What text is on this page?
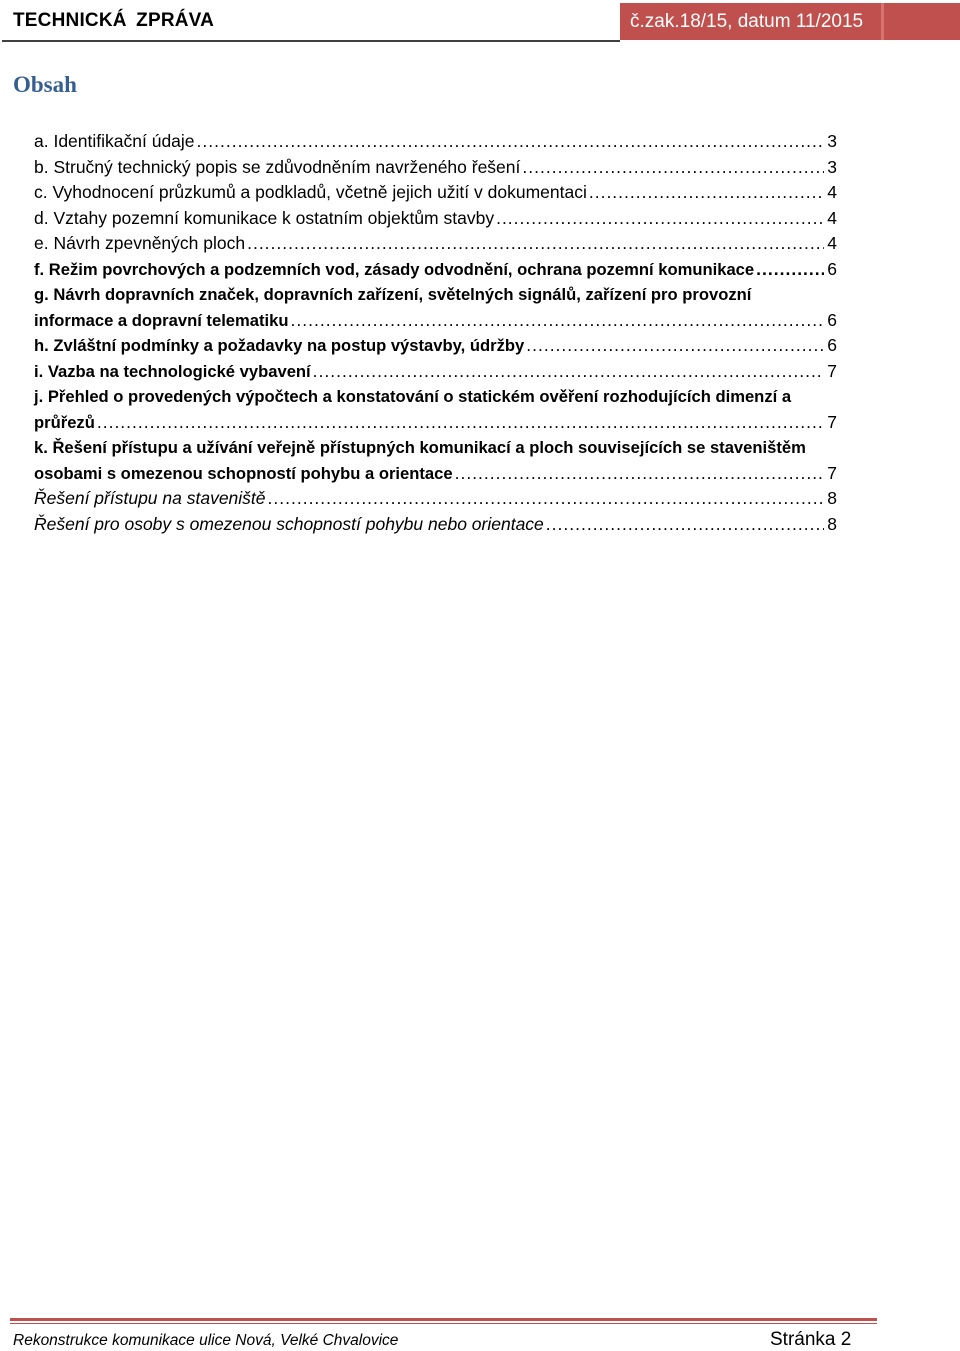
TECHNICKÁ ZPRÁVA	č.zak.18/15, datum 11/2015
Obsah
a. Identifikační údaje .....	3
b. Stručný technický popis se zdůvodněním navrženého řešení .....	3
c. Vyhodnocení průzkumů a podkladů, včetně jejich užití v dokumentaci .....	4
d. Vztahy pozemní komunikace k ostatním objektům stavby .....	4
e. Návrh zpevněných ploch .....	4
f. Režim povrchových a podzemních vod, zásady odvodnění, ochrana pozemní komunikace .....	6
g. Návrh dopravních značek, dopravních zařízení, světelných signálů, zařízení pro provozní
informace a dopravní telematiku .....	6
h. Zvláštní podmínky a požadavky na postup výstavby, údržby .....	6
i. Vazba na technologické vybavení .....	7
j. Přehled o provedených výpočtech a konstatování o statickém ověření rozhodujících dimenzí a
průřezů .....	7
k. Řešení přístupu a užívání veřejně přístupných komunikací a ploch souvisejících se staveništěm
osobami s omezenou schopností pohybu a orientace .....	7
Řešení přístupu na staveniště .....	8
Řešení pro osoby s omezenou schopností pohybu nebo orientace .....	8
Rekonstrukce komunikace ulice Nová, Velké Chvalovice	Stránka 2
